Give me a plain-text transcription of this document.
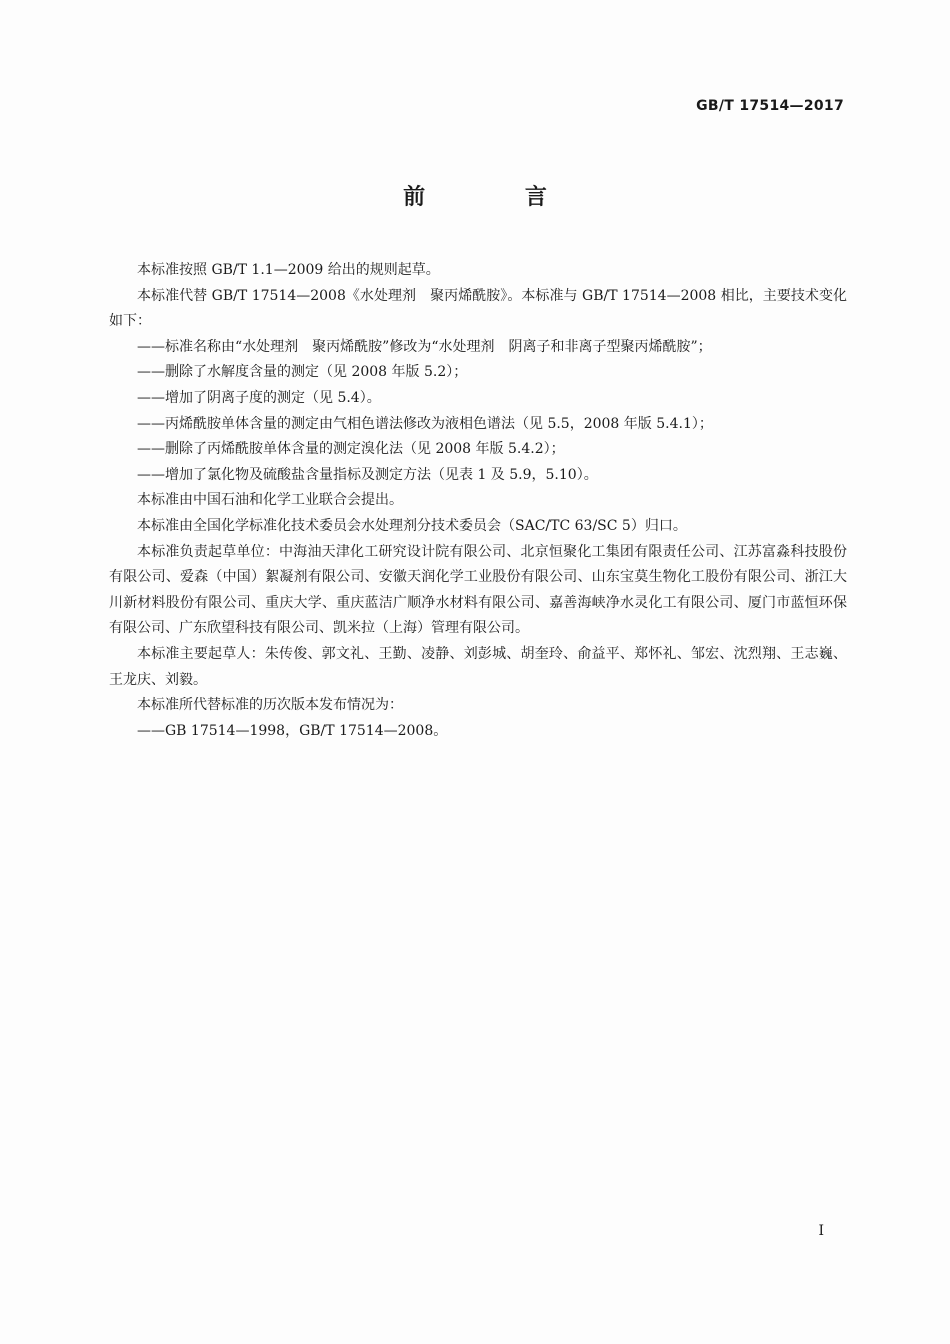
GB/T 17514—2017
前 言

本标准按照 GB/T 1.1—2009 给出的规则起草。

本标准代替 GB/T 17514—2008《水处理剂　聚丙烯酰胺》。本标准与 GB/T 17514—2008 相比，主要技术变化如下：

——标准名称由“水处理剂　聚丙烯酰胺”修改为“水处理剂　阴离子和非离子型聚丙烯酰胺”；

——删除了水解度含量的测定（见 2008 年版 5.2）；

——增加了阴离子度的测定（见 5.4）。

——丙烯酰胺单体含量的测定由气相色谱法修改为液相色谱法（见 5.5，2008 年版 5.4.1）；

——删除了丙烯酰胺单体含量的测定溴化法（见 2008 年版 5.4.2）；

——增加了氯化物及硫酸盐含量指标及测定方法（见表 1 及 5.9，5.10）。

本标准由中国石油和化学工业联合会提出。

本标准由全国化学标准化技术委员会水处理剂分技术委员会（SAC/TC 63/SC 5）归口。

本标准负责起草单位：中海油天津化工研究设计院有限公司、北京恒聚化工集团有限责任公司、江苏富淼科技股份有限公司、爱森（中国）絮凝剂有限公司、安徽天润化学工业股份有限公司、山东宝莫生物化工股份有限公司、浙江大川新材料股份有限公司、重庆大学、重庆蓝洁广顺净水材料有限公司、嘉善海峡净水灵化工有限公司、厦门市蓝恒环保有限公司、广东欣望科技有限公司、凯米拉（上海）管理有限公司。

本标准主要起草人：朱传俊、郭文礼、王勤、凌静、刘彭城、胡奎玲、俞益平、郑怀礼、邹宏、沈烈翔、王志巍、王龙庆、刘毅。

本标准所代替标准的历次版本发布情况为：

——GB 17514—1998，GB/T 17514—2008。

Ⅰ
